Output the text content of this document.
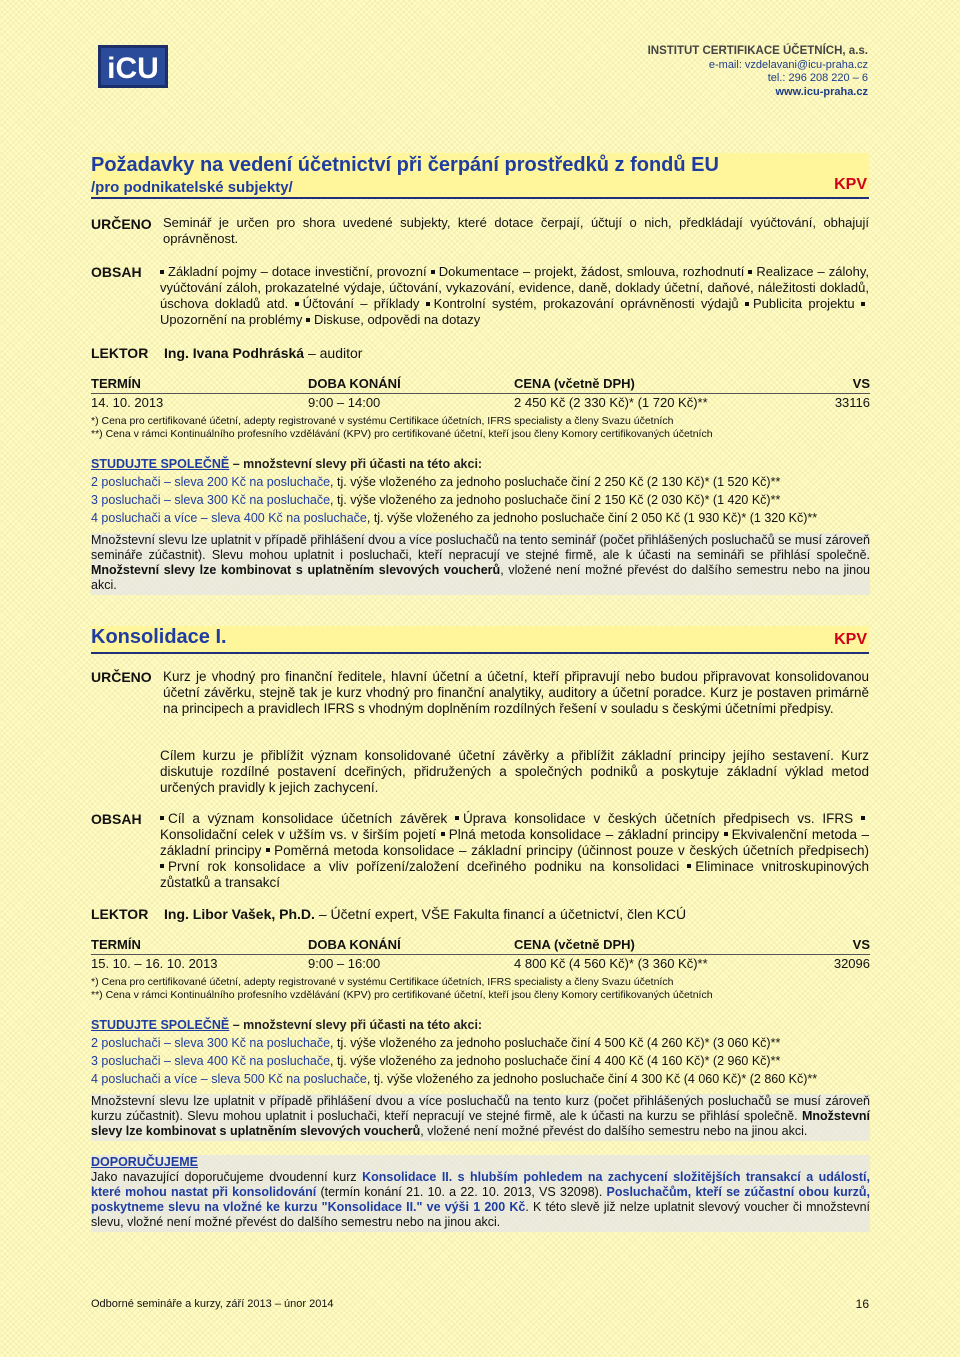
iCU
INSTITUT CERTIFIKACE ÚČETNÍCH, a.s.
e-mail: vzdelavani@icu-praha.cz
tel.: 296 208 220 – 6
www.icu-praha.cz
Požadavky na vedení účetnictví při čerpání prostředků z fondů EU
/pro podnikatelské subjekty/	KPV
URČENO Seminář je určen pro shora uvedené subjekty, které dotace čerpají, účtují o nich, předkládají vyúčtování, obhajují oprávněnost.
OBSAH	Základní pojmy – dotace investiční, provozní Dokumentace – projekt, žádost, smlouva, rozhodnutí Realizace – zálohy, vyúčtování záloh, prokazatelné výdaje, účtování, vykazování, evidence, daně, doklady účetní, daňové, náležitosti dokladů, úschova dokladů atd. Účtování – příklady Kontrolní systém, prokazování oprávněnosti výdajů Publicita projektu Upozornění na problémy Diskuse, odpovědi na dotazy
LEKTOR Ing. Ivana Podhráská – auditor
TERMÍN	DOBA KONÁNÍ	CENA (včetně DPH)	VS
14. 10. 2013	9:00 – 14:00	2 450 Kč (2 330 Kč)* (1 720 Kč)**	33116
*) Cena pro certifikované účetní, adepty registrované v systému Certifikace účetních, IFRS specialisty a členy Svazu účetních
**) Cena v rámci Kontinuálního profesního vzdělávání (KPV) pro certifikované účetní, kteří jsou členy Komory certifikovaných účetních
STUDUJTE SPOLEČNĚ – množstevní slevy při účasti na této akci:
2 posluchači – sleva 200 Kč na posluchače, tj. výše vloženého za jednoho posluchače činí 2 250 Kč (2 130 Kč)* (1 520 Kč)**
3 posluchači – sleva 300 Kč na posluchače, tj. výše vloženého za jednoho posluchače činí 2 150 Kč (2 030 Kč)* (1 420 Kč)**
4 posluchači a více – sleva 400 Kč na posluchače, tj. výše vloženého za jednoho posluchače činí 2 050 Kč (1 930 Kč)* (1 320 Kč)**
Množstevní slevu lze uplatnit v případě přihlášení dvou a více posluchačů na tento seminář (počet přihlášených posluchačů se musí zároveň semináře zúčastnit). Slevu mohou uplatnit i posluchači, kteří nepracují ve stejné firmě, ale k účasti na semináři se přihlásí společně. Množstevní slevy lze kombinovat s uplatněním slevových voucherů, vložené není možné převést do dalšího semestru nebo na jinou akci.
Konsolidace I.	KPV
URČENO Kurz je vhodný pro finanční ředitele, hlavní účetní a účetní, kteří připravují nebo budou připravovat konsolidovanou účetní závěrku, stejně tak je kurz vhodný pro finanční analytiky, auditory a účetní poradce. Kurz je postaven primárně na principech a pravidlech IFRS s vhodným doplněním rozdílných řešení v souladu s českými účetními předpisy.
Cílem kurzu je přiblížit význam konsolidované účetní závěrky a přiblížit základní principy jejího sestavení. Kurz diskutuje rozdílné postavení dceřiných, přidružených a společných podniků a poskytuje základní výklad metod určených pravidly k jejich zachycení.
OBSAH	Cíl a význam konsolidace účetních závěrek Úprava konsolidace v českých účetních předpisech vs. IFRS Konsolidační celek v užším vs. v širším pojetí Plná metoda konsolidace – základní principy Ekvivalenční metoda – základní principy Poměrná metoda konsolidace – základní principy (účinnost pouze v českých účetních předpisech) První rok konsolidace a vliv pořízení/založení dceřiného podniku na konsolidaci Eliminace vnitroskupinových zůstatků a transakcí
LEKTOR Ing. Libor Vašek, Ph.D. – Účetní expert, VŠE Fakulta financí a účetnictví, člen KCÚ
TERMÍN	DOBA KONÁNÍ	CENA (včetně DPH)	VS
15. 10. – 16. 10. 2013	9:00 – 16:00	4 800 Kč (4 560 Kč)* (3 360 Kč)**	32096
*) Cena pro certifikované účetní, adepty registrované v systému Certifikace účetních, IFRS specialisty a členy Svazu účetních
**) Cena v rámci Kontinuálního profesního vzdělávání (KPV) pro certifikované účetní, kteří jsou členy Komory certifikovaných účetních
STUDUJTE SPOLEČNĚ – množstevní slevy při účasti na této akci:
2 posluchači – sleva 300 Kč na posluchače, tj. výše vloženého za jednoho posluchače činí 4 500 Kč (4 260 Kč)* (3 060 Kč)**
3 posluchači – sleva 400 Kč na posluchače, tj. výše vloženého za jednoho posluchače činí 4 400 Kč (4 160 Kč)* (2 960 Kč)**
4 posluchači a více – sleva 500 Kč na posluchače, tj. výše vloženého za jednoho posluchače činí 4 300 Kč (4 060 Kč)* (2 860 Kč)**
Množstevní slevu lze uplatnit v případě přihlášení dvou a více posluchačů na tento kurz (počet přihlášených posluchačů se musí zároveň kurzu zúčastnit). Slevu mohou uplatnit i posluchači, kteří nepracují ve stejné firmě, ale k účasti na kurzu se přihlásí společně. Množstevní slevy lze kombinovat s uplatněním slevových voucherů, vložené není možné převést do dalšího semestru nebo na jinou akci.
DOPORUČUJEME
Jako navazující doporučujeme dvoudenní kurz Konsolidace II. s hlubším pohledem na zachycení složitějších transakcí a událostí, které mohou nastat při konsolidování (termín konání 21. 10. a 22. 10. 2013, VS 32098). Posluchačům, kteří se zúčastní obou kurzů, poskytneme slevu na vložné ke kurzu "Konsolidace II." ve výši 1 200 Kč. K této slevě již nelze uplatnit slevový voucher či množstevní slevu, vložné není možné převést do dalšího semestru nebo na jinou akci.
Odborné semináře a kurzy, září 2013 – únor 2014	16
